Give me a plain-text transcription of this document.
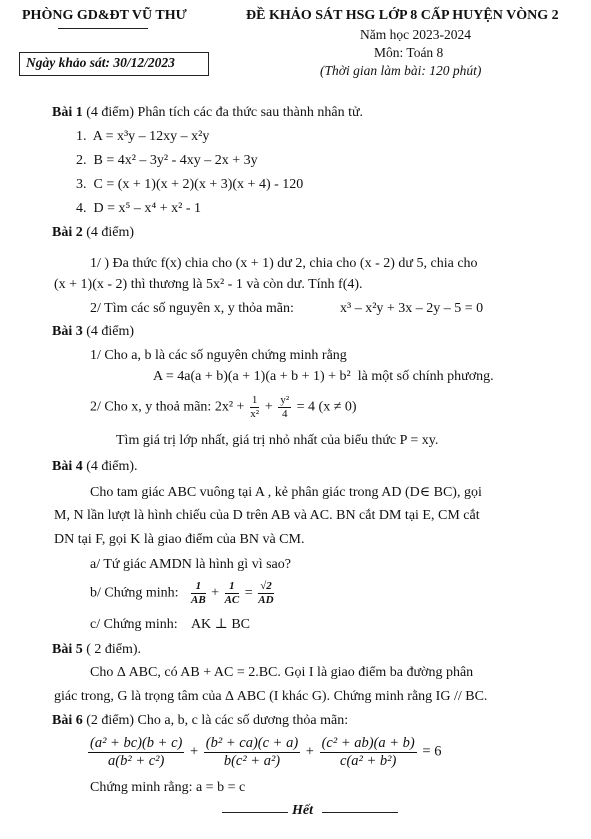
PHÒNG GD&ĐT VŨ THƯ
Ngày khảo sát: 30/12/2023
ĐỀ KHẢO SÁT HSG LỚP 8 CẤP HUYỆN VÒNG 2
Năm học 2023-2024
Môn: Toán 8
(Thời gian làm bài: 120 phút)
Bài 1 (4 điểm) Phân tích các đa thức sau thành nhân tử.
1. A = x³y – 12xy – x²y
2. B = 4x² – 3y² - 4xy – 2x + 3y
3. C = (x + 1)(x + 2)(x + 3)(x + 4) - 120
4. D = x⁵ – x⁴ + x² - 1
Bài 2 (4 điểm)
1/ ) Đa thức f(x) chia cho (x + 1) dư 2, chia cho (x - 2) dư 5, chia cho
(x + 1)(x - 2) thì thương là 5x² - 1 và còn dư. Tính f(4).
2/ Tìm các số nguyên x, y thỏa mãn:	x³ – x²y + 3x – 2y – 5 = 0
Bài 3 (4 điểm)
1/ Cho a, b là các số nguyên chứng minh rằng
A = 4a(a + b)(a + 1)(a + b + 1) + b² là một số chính phương.
2/ Cho x, y thoả mãn: $2x^2 + \frac{1}{\text{x²}} + \frac{\text{y²}}{4} = 4$ (x ≠ 0)
Tìm giá trị lớp nhất, giá trị nhỏ nhất của biểu thức P = xy.
Bài 4 (4 điểm).
Cho tam giác ABC vuông tại A , kẻ phân giác trong AD (D∈ BC), gọi
M, N lần lượt là hình chiếu của D trên AB và AC. BN cắt DM tại E, CM cắt
DN tại F, gọi K là giao điểm của BN và CM.
a/ Tứ giác AMDN là hình gì vì sao?
b/ Chứng minh: $\frac{1}{AB} + \frac{1}{AC} = \frac{√2}{AD}$
c/ Chứng minh: AK ⊥ BC
Bài 5 ( 2 điểm).
Cho Δ ABC, có AB + AC = 2.BC. Gọi I là giao điểm ba đường phân
giác trong, G là trọng tâm của Δ ABC (I khác G). Chứng minh rằng IG // BC.
Bài 6 (2 điểm) Cho a, b, c là các số dương thỏa mãn:
$\frac{\text{(a² + bc)(b + c)}}{\text{a(b² + c²)}} + \frac{\text{(b² + ca)(c + a)}}{\text{b(c² + a²)}} + \frac{\text{(c² + ab)(a + b)}}{\text{c(a² + b²)}} = 6$
Chứng minh rằng: a = b = c
Hết
